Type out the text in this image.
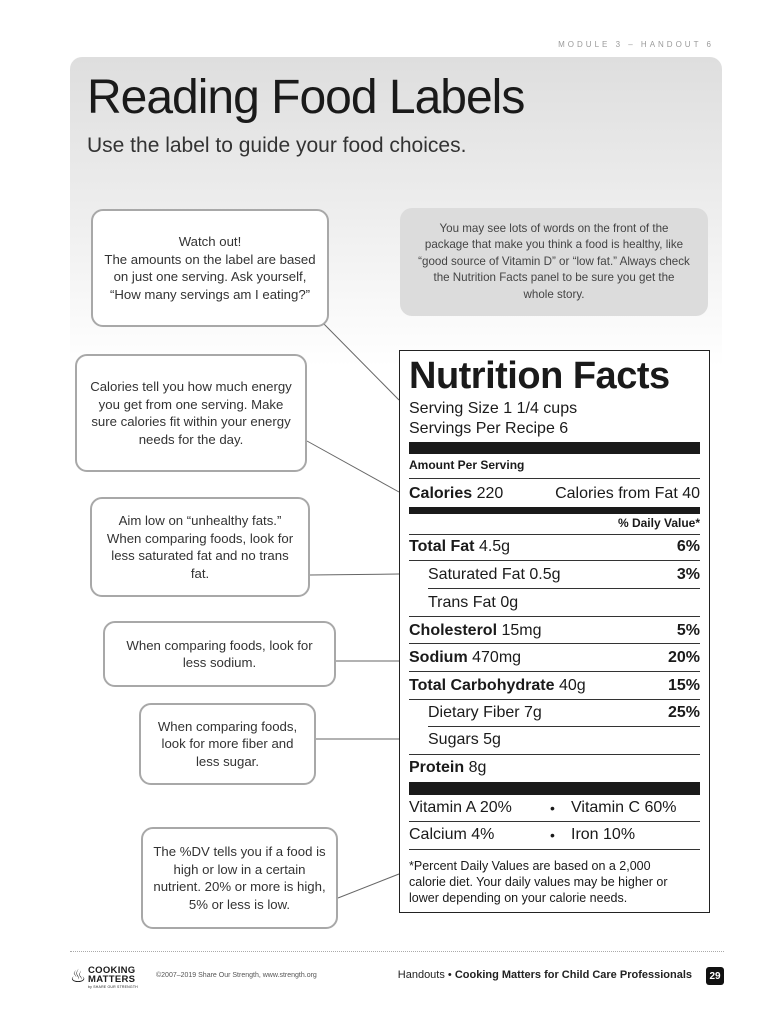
MODULE 3 – HANDOUT 6
Reading Food Labels

Use the label to guide your food choices.

Watch out!
The amounts on the label are based on just one serving. Ask yourself, “How many servings am I eating?”
You may see lots of words on the front of the package that make you think a food is healthy, like “good source of Vitamin D” or “low fat.” Always check the Nutrition Facts panel to be sure you get the whole story.
Calories tell you how much energy you get from one serving. Make sure calories fit within your energy needs for the day.
Aim low on “unhealthy fats.” When comparing foods, look for less saturated fat and no trans fat.
When comparing foods, look for less sodium.
When comparing foods, look for more fiber and less sugar.
The %DV tells you if a food is high or low in a certain nutrient. 20% or more is high, 5% or less is low.
Nutrition Facts
Serving Size 1 1/4 cups
Servings Per Recipe 6
Amount Per Serving
Calories 220	Calories from Fat 40
% Daily Value*
Total Fat 4.5g	6%
Saturated Fat 0.5g	3%
Trans Fat 0g
Cholesterol 15mg	5%
Sodium 470mg	20%
Total Carbohydrate 40g	15%
Dietary Fiber 7g	25%
Sugars 5g
Protein 8g
Vitamin A 20%	• Vitamin C 60%
Calcium 4%	• Iron 10%
*Percent Daily Values are based on a 2,000 calorie diet. Your daily values may be higher or lower depending on your calorie needs.
♨ COOKING
MATTERS
by SHARE OUR STRENGTH
©2007–2019 Share Our Strength, www.strength.org	Handouts • Cooking Matters for Child Care Professionals	29
